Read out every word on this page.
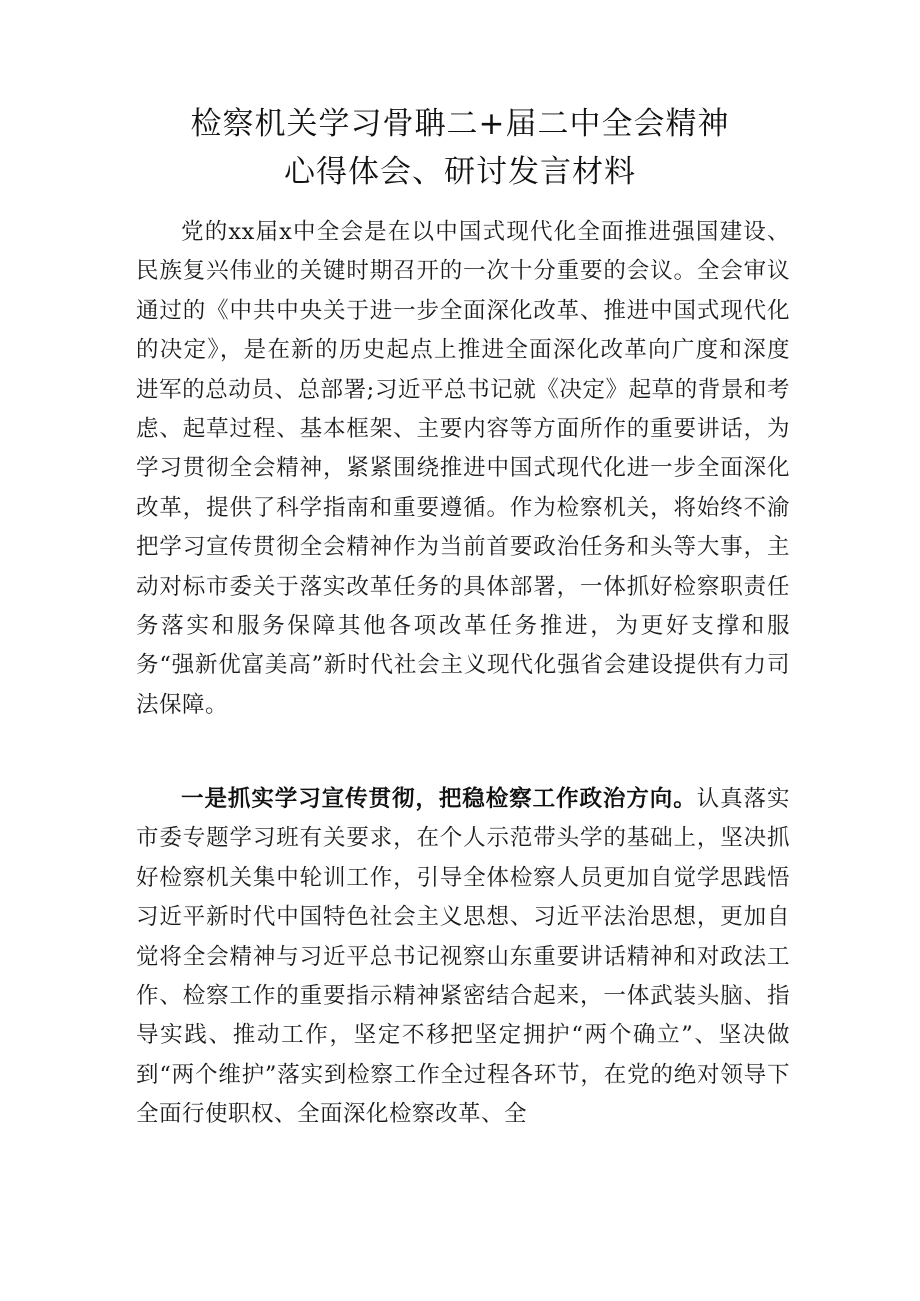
检察机关学习骨聃二+届二中全会精神
心得体会、研讨发言材料

党的xx届x中全会是在以中国式现代化全面推进强国建设、民族复兴伟业的关键时期召开的一次十分重要的会议。全会审议通过的《中共中央关于进一步全面深化改革、推进中国式现代化的决定》，是在新的历史起点上推进全面深化改革向广度和深度进军的总动员、总部署;习近平总书记就《决定》起草的背景和考虑、起草过程、基本框架、主要内容等方面所作的重要讲话，为学习贯彻全会精神，紧紧围绕推进中国式现代化进一步全面深化改革，提供了科学指南和重要遵循。作为检察机关，将始终不渝把学习宣传贯彻全会精神作为当前首要政治任务和头等大事，主动对标市委关于落实改革任务的具体部署，一体抓好检察职责任务落实和服务保障其他各项改革任务推进，为更好支撑和服务“强新优富美高”新时代社会主义现代化强省会建设提供有力司法保障。

一是抓实学习宣传贯彻，把稳检察工作政治方向。认真落实市委专题学习班有关要求，在个人示范带头学的基础上，坚决抓好检察机关集中轮训工作，引导全体检察人员更加自觉学思践悟习近平新时代中国特色社会主义思想、习近平法治思想，更加自觉将全会精神与习近平总书记视察山东重要讲话精神和对政法工作、检察工作的重要指示精神紧密结合起来，一体武装头脑、指导实践、推动工作，坚定不移把坚定拥护“两个确立”、坚决做到“两个维护”落实到检察工作全过程各环节，在党的绝对领导下全面行使职权、全面深化检察改革、全
